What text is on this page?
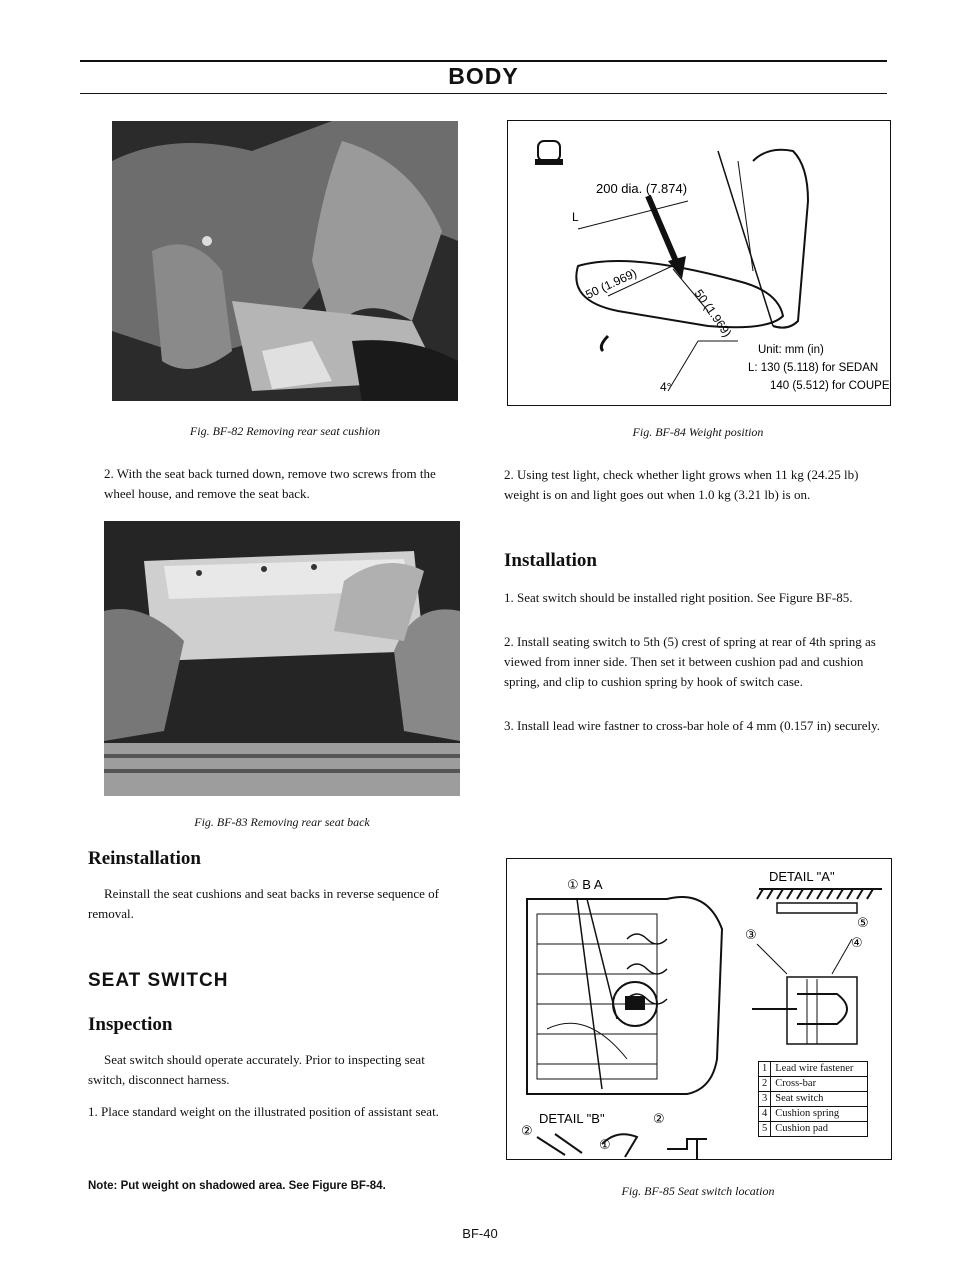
BODY
Fig. BF-82 Removing rear seat cushion
2. With the seat back turned down, remove two screws from the wheel house, and remove the seat back.
Fig. BF-83 Removing rear seat back
Reinstallation
Reinstall the seat cushions and seat backs in reverse sequence of removal.
SEAT SWITCH
Inspection
Seat switch should operate accurately. Prior to inspecting seat switch, disconnect harness.
1. Place standard weight on the illustrated position of assistant seat.
Note: Put weight on shadowed area. See Figure BF-84.
200 dia. (7.874)
L
50 (1.969)
50 (1.969)
4°
Unit: mm (in)
L: 130 (5.118) for SEDAN
140 (5.512) for COUPE
Fig. BF-84 Weight position
2. Using test light, check whether light grows when 11 kg (24.25 lb) weight is on and light goes out when 1.0 kg (3.21 lb) is on.
Installation
1. Seat switch should be installed right position. See Figure BF-85.
2. Install seating switch to 5th (5) crest of spring at rear of 4th spring as viewed from inner side. Then set it between cushion pad and cushion spring, and clip to cushion spring by hook of switch case.
3. Install lead wire fastner to cross-bar hole of 4 mm (0.157 in) securely.
① B A
DETAIL "B"	②
②
①
DETAIL "A"
③
⑤
④
1	Lead wire fastener
2	Cross-bar
3	Seat switch
4	Cushion spring
5	Cushion pad
Fig. BF-85 Seat switch location
BF-40
